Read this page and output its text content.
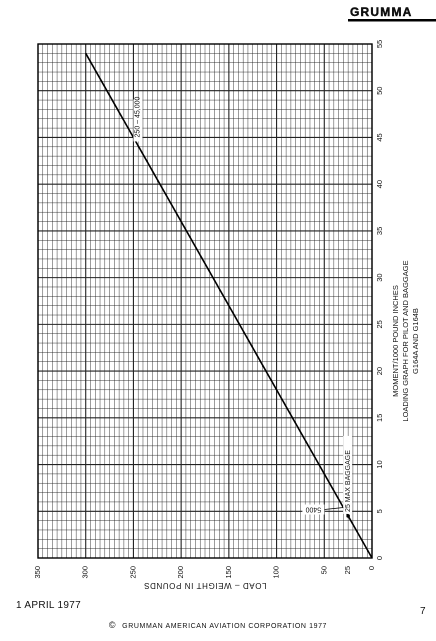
GRUMMA
0
25
50
100
150
200
250
300
350
0
5
10
15
20
25
30
35
40
45
50
55
250 – 45,000
25 MAX BAGGAGE
5400
LOAD – WEIGHT IN POUNDS
MOMENT/1000 POUND INCHES LOADING GRAPH FOR PILOT AND BAGGAGE G164A AND G164B
1 APRIL 1977
© GRUMMAN AMERICAN AVIATION CORPORATION 1977
7
